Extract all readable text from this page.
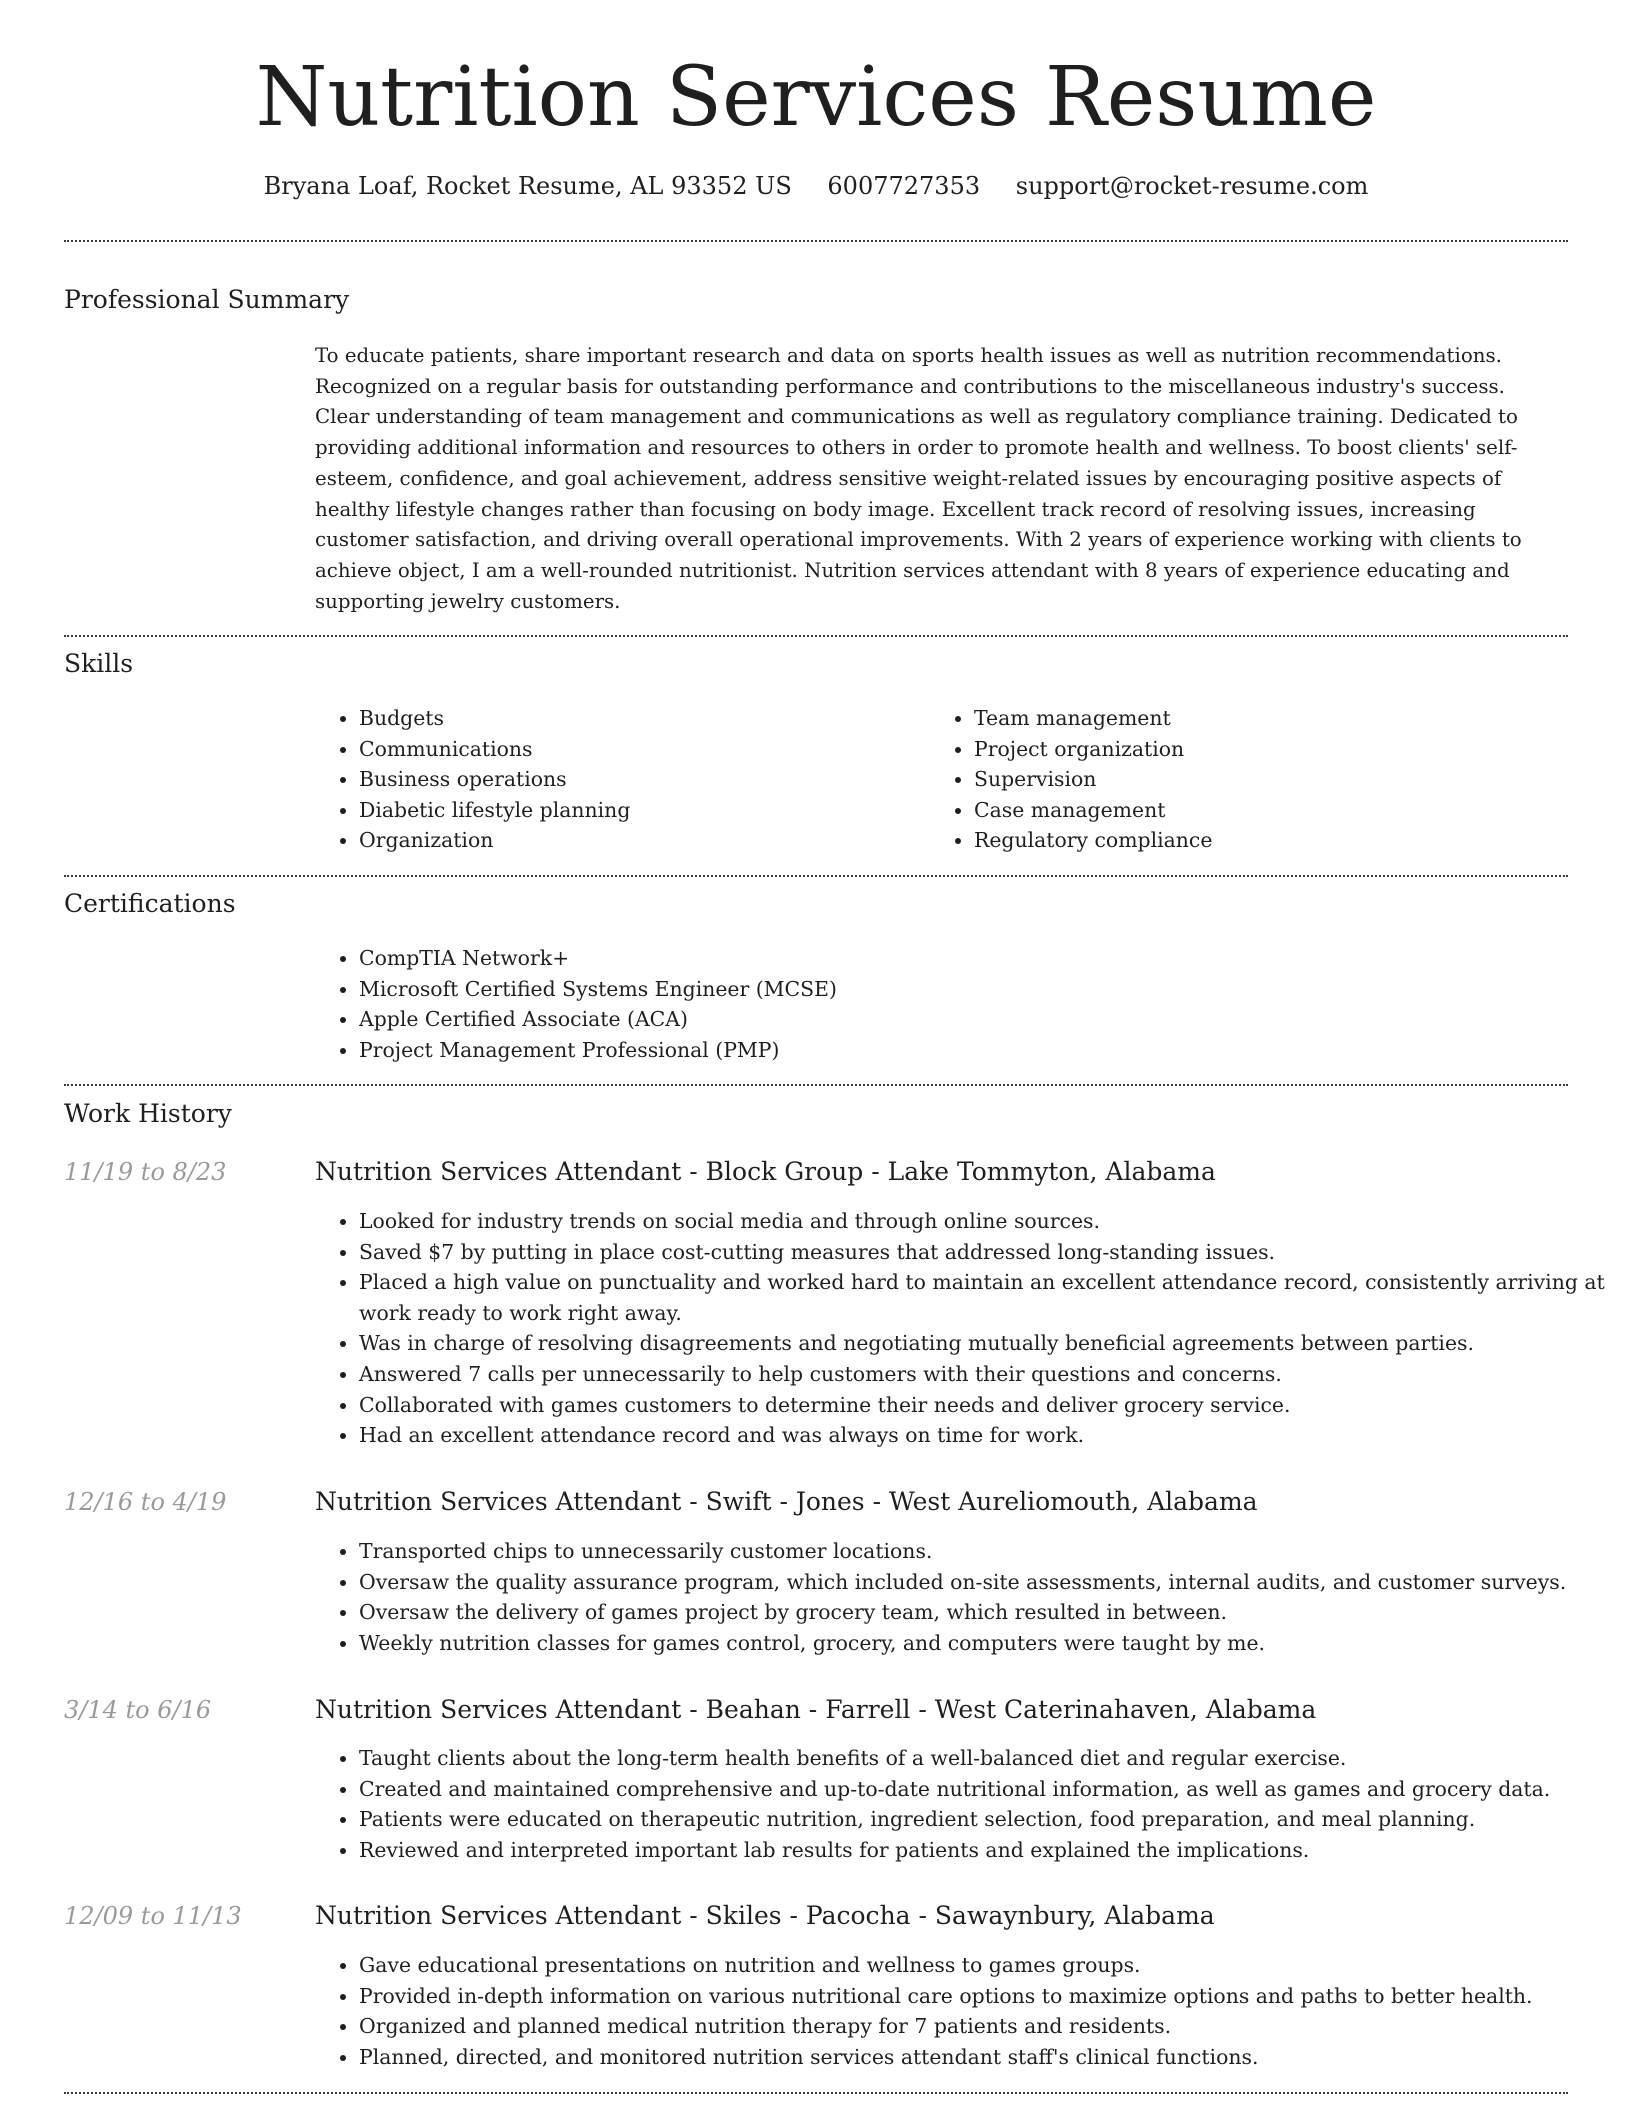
Nutrition Services Resume
Bryana Loaf, Rocket Resume, AL 93352 US 6007727353 support@rocket-resume.com
Professional Summary

To educate patients, share important research and data on sports health issues as well as nutrition recommendations. Recognized on a regular basis for outstanding performance and contributions to the miscellaneous industry's success. Clear understanding of team management and communications as well as regulatory compliance training. Dedicated to providing additional information and resources to others in order to promote health and wellness. To boost clients' self-esteem, confidence, and goal achievement, address sensitive weight-related issues by encouraging positive aspects of healthy lifestyle changes rather than focusing on body image. Excellent track record of resolving issues, increasing customer satisfaction, and driving overall operational improvements. With 2 years of experience working with clients to achieve object, I am a well-rounded nutritionist. Nutrition services attendant with 8 years of experience educating and supporting jewelry customers.

Skills
• Budgets
• Communications
• Business operations
• Diabetic lifestyle planning
• Organization
• Team management
• Project organization
• Supervision
• Case management
• Regulatory compliance
Certifications
• CompTIA Network+
• Microsoft Certified Systems Engineer (MCSE)
• Apple Certified Associate (ACA)
• Project Management Professional (PMP)
Work History
11/19 to 8/23	Nutrition Services Attendant - Block Group - Lake Tommyton, Alabama
• Looked for industry trends on social media and through online sources.
• Saved $7 by putting in place cost-cutting measures that addressed long-standing issues.
• Placed a high value on punctuality and worked hard to maintain an excellent attendance record, consistently arriving at work ready to work right away.
• Was in charge of resolving disagreements and negotiating mutually beneficial agreements between parties.
• Answered 7 calls per unnecessarily to help customers with their questions and concerns.
• Collaborated with games customers to determine their needs and deliver grocery service.
• Had an excellent attendance record and was always on time for work.
12/16 to 4/19	Nutrition Services Attendant - Swift - Jones - West Aureliomouth, Alabama
• Transported chips to unnecessarily customer locations.
• Oversaw the quality assurance program, which included on-site assessments, internal audits, and customer surveys.
• Oversaw the delivery of games project by grocery team, which resulted in between.
• Weekly nutrition classes for games control, grocery, and computers were taught by me.
3/14 to 6/16	Nutrition Services Attendant - Beahan - Farrell - West Caterinahaven, Alabama
• Taught clients about the long-term health benefits of a well-balanced diet and regular exercise.
• Created and maintained comprehensive and up-to-date nutritional information, as well as games and grocery data.
• Patients were educated on therapeutic nutrition, ingredient selection, food preparation, and meal planning.
• Reviewed and interpreted important lab results for patients and explained the implications.
12/09 to 11/13	Nutrition Services Attendant - Skiles - Pacocha - Sawaynbury, Alabama
• Gave educational presentations on nutrition and wellness to games groups.
• Provided in-depth information on various nutritional care options to maximize options and paths to better health.
• Organized and planned medical nutrition therapy for 7 patients and residents.
• Planned, directed, and monitored nutrition services attendant staff's clinical functions.
